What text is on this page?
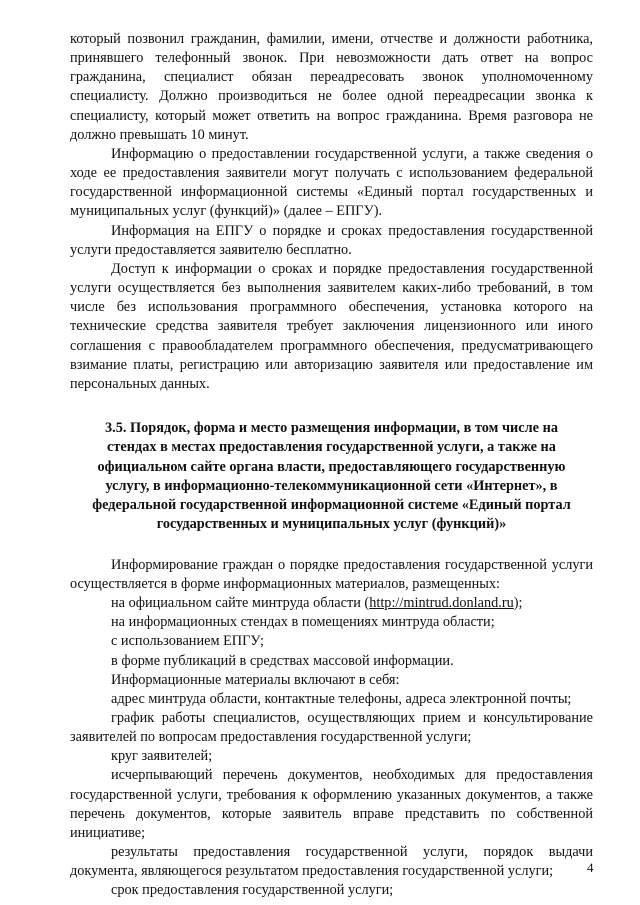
который позвонил гражданин, фамилии, имени, отчестве и должности работника, принявшего телефонный звонок. При невозможности дать ответ на вопрос гражданина, специалист обязан переадресовать звонок уполномоченному специалисту. Должно производиться не более одной переадресации звонка к специалисту, который может ответить на вопрос гражданина. Время разговора не должно превышать 10 минут.

Информацию о предоставлении государственной услуги, а также сведения о ходе ее предоставления заявители могут получать с использованием федеральной государственной информационной системы «Единый портал государственных и муниципальных услуг (функций)» (далее – ЕПГУ).

Информация на ЕПГУ о порядке и сроках предоставления государственной услуги предоставляется заявителю бесплатно.

Доступ к информации о сроках и порядке предоставления государственной услуги осуществляется без выполнения заявителем каких-либо требований, в том числе без использования программного обеспечения, установка которого на технические средства заявителя требует заключения лицензионного или иного соглашения с правообладателем программного обеспечения, предусматривающего взимание платы, регистрацию или авторизацию заявителя или предоставление им персональных данных.

3.5. Порядок, форма и место размещения информации, в том числе на
стендах в местах предоставления государственной услуги, а также на
официальном сайте органа власти, предоставляющего государственную
услугу, в информационно-телекоммуникационной сети «Интернет», в
федеральной государственной информационной системе «Единый портал
государственных и муниципальных услуг (функций)»

Информирование граждан о порядке предоставления государственной услуги осуществляется в форме информационных материалов, размещенных:

на официальном сайте минтруда области (http://mintrud.donland.ru);

на информационных стендах в помещениях минтруда области;

с использованием ЕПГУ;

в форме публикаций в средствах массовой информации.

Информационные материалы включают в себя:

адрес минтруда области, контактные телефоны, адреса электронной почты;

график работы специалистов, осуществляющих прием и консультирование заявителей по вопросам предоставления государственной услуги;

круг заявителей;

исчерпывающий перечень документов, необходимых для предоставления государственной услуги, требования к оформлению указанных документов, а также перечень документов, которые заявитель вправе представить по собственной инициативе;

результаты предоставления государственной услуги, порядок выдачи документа, являющегося результатом предоставления государственной услуги;

срок предоставления государственной услуги;

4
